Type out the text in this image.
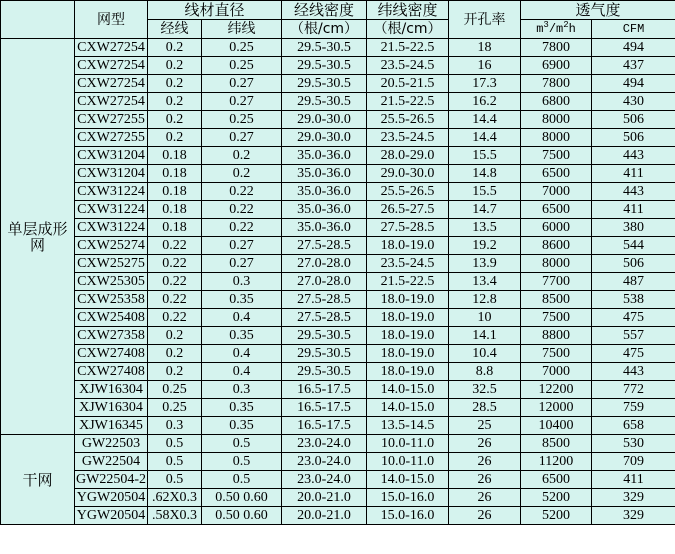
	网型	线材直径		经线密度	纬线密度	开孔率	透气度	
		经线	纬线	（根/cm）	（根/cm）		$m^3/m^2h$	CFM
单层成形网	CXW27254	0.2	0.25	29.5-30.5	21.5-22.5	18	7800	494
	CXW27254	0.2	0.25	29.5-30.5	23.5-24.5	16	6900	437
	CXW27254	0.2	0.27	29.5-30.5	20.5-21.5	17.3	7800	494
	CXW27254	0.2	0.27	29.5-30.5	21.5-22.5	16.2	6800	430
	CXW27255	0.2	0.25	29.0-30.0	25.5-26.5	14.4	8000	506
	CXW27255	0.2	0.27	29.0-30.0	23.5-24.5	14.4	8000	506
	CXW31204	0.18	0.2	35.0-36.0	28.0-29.0	15.5	7500	443
	CXW31204	0.18	0.2	35.0-36.0	29.0-30.0	14.8	6500	411
	CXW31224	0.18	0.22	35.0-36.0	25.5-26.5	15.5	7000	443
	CXW31224	0.18	0.22	35.0-36.0	26.5-27.5	14.7	6500	411
	CXW31224	0.18	0.22	35.0-36.0	27.5-28.5	13.5	6000	380
	CXW25274	0.22	0.27	27.5-28.5	18.0-19.0	19.2	8600	544
	CXW25275	0.22	0.27	27.0-28.0	23.5-24.5	13.9	8000	506
	CXW25305	0.22	0.3	27.0-28.0	21.5-22.5	13.4	7700	487
	CXW25358	0.22	0.35	27.5-28.5	18.0-19.0	12.8	8500	538
	CXW25408	0.22	0.4	27.5-28.5	18.0-19.0	10	7500	475
	CXW27358	0.2	0.35	29.5-30.5	18.0-19.0	14.1	8800	557
	CXW27408	0.2	0.4	29.5-30.5	18.0-19.0	10.4	7500	475
	CXW27408	0.2	0.4	29.5-30.5	18.0-19.0	8.8	7000	443
	XJW16304	0.25	0.3	16.5-17.5	14.0-15.0	32.5	12200	772
	XJW16304	0.25	0.35	16.5-17.5	14.0-15.0	28.5	12000	759
	XJW16345	0.3	0.35	16.5-17.5	13.5-14.5	25	10400	658
干网	GW22503	0.5	0.5	23.0-24.0	10.0-11.0	26	8500	530
	GW22504	0.5	0.5	23.0-24.0	10.0-11.0	26	11200	709
	GW22504-2	0.5	0.5	23.0-24.0	14.0-15.0	26	6500	411
	YGW20504	.62X0.3	0.50 0.60	20.0-21.0	15.0-16.0	26	5200	329
	YGW20504	.58X0.3	0.50 0.60	20.0-21.0	15.0-16.0	26	5200	329
